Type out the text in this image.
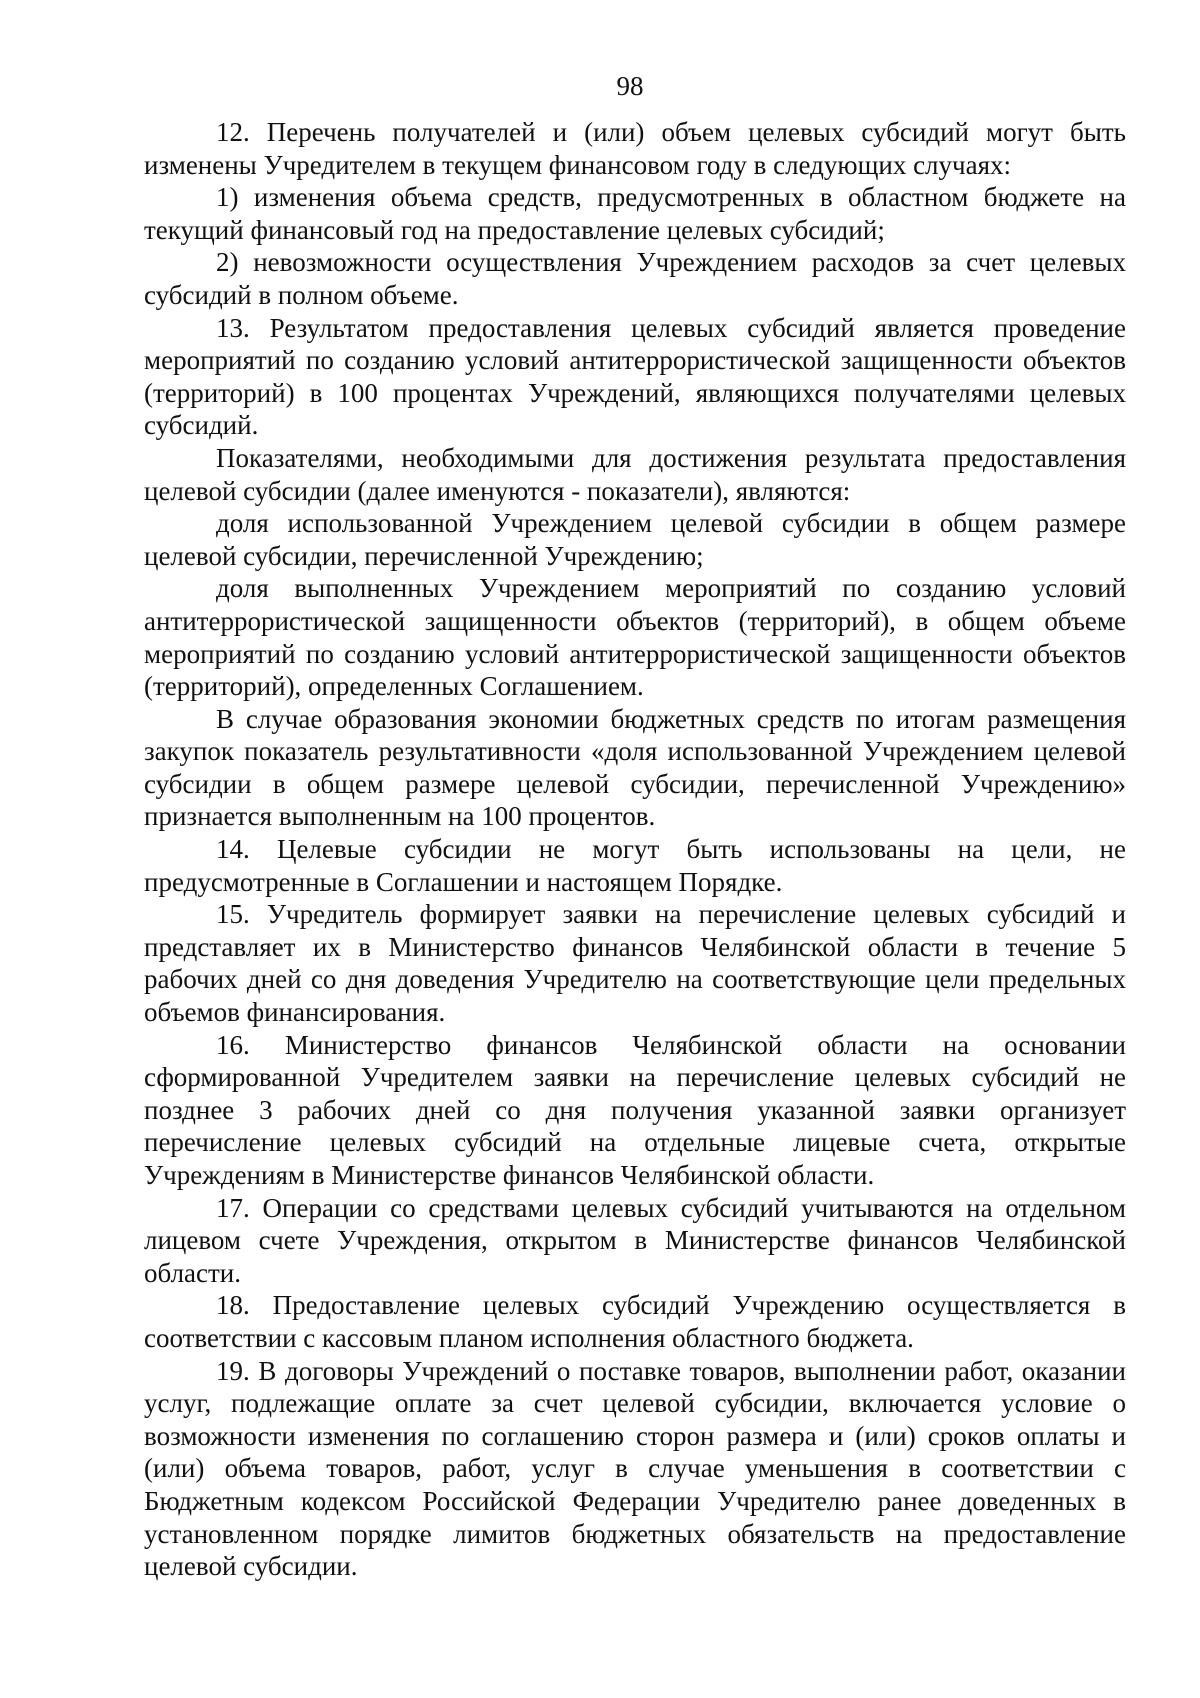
98

12. Перечень получателей и (или) объем целевых субсидий могут быть изменены Учредителем в текущем финансовом году в следующих случаях:

1) изменения объема средств, предусмотренных в областном бюджете на текущий финансовый год на предоставление целевых субсидий;

2) невозможности осуществления Учреждением расходов за счет целевых субсидий в полном объеме.

13. Результатом предоставления целевых субсидий является проведение мероприятий по созданию условий антитеррористической защищенности объектов (территорий) в 100 процентах Учреждений, являющихся получателями целевых субсидий.

Показателями, необходимыми для достижения результата предоставления целевой субсидии (далее именуются - показатели), являются:

доля использованной Учреждением целевой субсидии в общем размере целевой субсидии, перечисленной Учреждению;

доля выполненных Учреждением мероприятий по созданию условий антитеррористической защищенности объектов (территорий), в общем объеме мероприятий по созданию условий антитеррористической защищенности объектов (территорий), определенных Соглашением.

В случае образования экономии бюджетных средств по итогам размещения закупок показатель результативности «доля использованной Учреждением целевой субсидии в общем размере целевой субсидии, перечисленной Учреждению» признается выполненным на 100 процентов.

14. Целевые субсидии не могут быть использованы на цели, не предусмотренные в Соглашении и настоящем Порядке.

15. Учредитель формирует заявки на перечисление целевых субсидий и представляет их в Министерство финансов Челябинской области в течение 5 рабочих дней со дня доведения Учредителю на соответствующие цели предельных объемов финансирования.

16. Министерство финансов Челябинской области на основании сформированной Учредителем заявки на перечисление целевых субсидий не позднее 3 рабочих дней со дня получения указанной заявки организует перечисление целевых субсидий на отдельные лицевые счета, открытые Учреждениям в Министерстве финансов Челябинской области.

17. Операции со средствами целевых субсидий учитываются на отдельном лицевом счете Учреждения, открытом в Министерстве финансов Челябинской области.

18. Предоставление целевых субсидий Учреждению осуществляется в соответствии с кассовым планом исполнения областного бюджета.

19. В договоры Учреждений о поставке товаров, выполнении работ, оказании услуг, подлежащие оплате за счет целевой субсидии, включается условие о возможности изменения по соглашению сторон размера и (или) сроков оплаты и (или) объема товаров, работ, услуг в случае уменьшения в соответствии с Бюджетным кодексом Российской Федерации Учредителю ранее доведенных в установленном порядке лимитов бюджетных обязательств на предоставление целевой субсидии.
